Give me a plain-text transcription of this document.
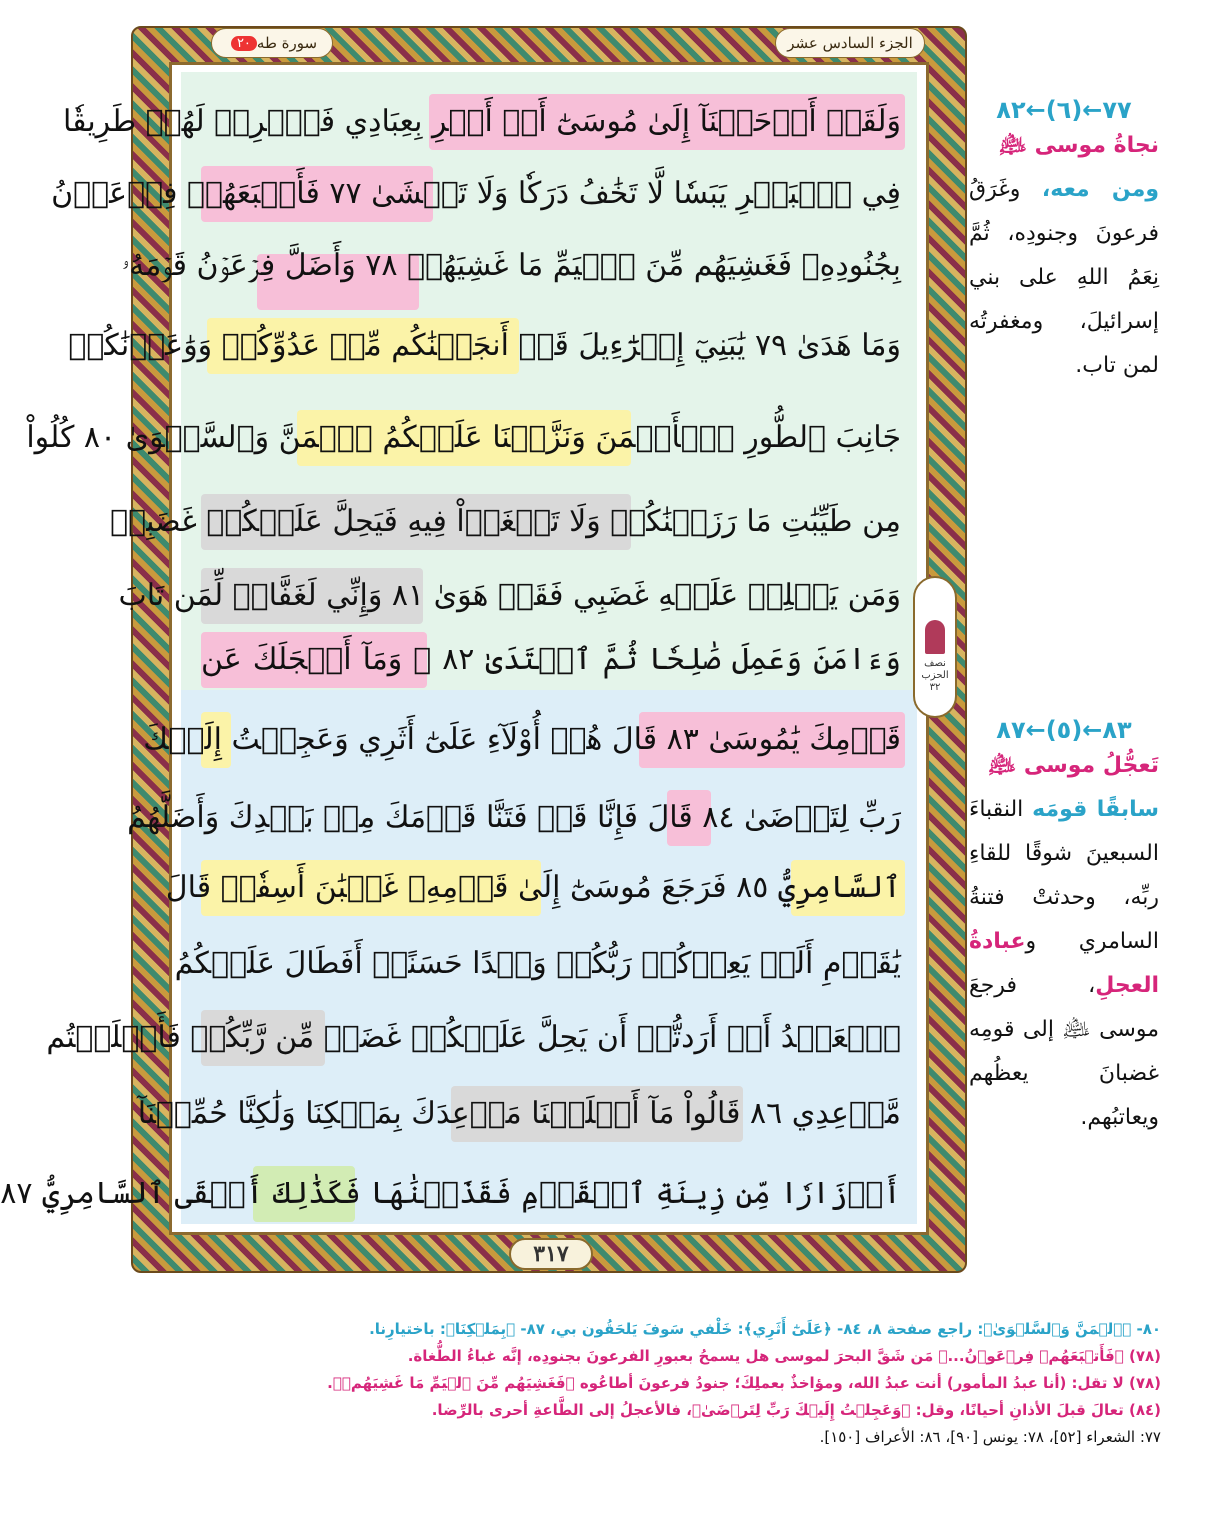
الجزء السادس عشر
سورة طه
٢٠
وَلَقَدۡ أَوۡحَيۡنَآ إِلَىٰ مُوسَىٰٓ أَنۡ أَسۡرِ بِعِبَادِي فَٱضۡرِبۡ لَهُمۡ طَرِيقٗا
فِي ٱلۡبَحۡرِ يَبَسٗا لَّا تَخَٰفُ دَرَكٗا وَلَا تَخۡشَىٰ ٧٧ فَأَتۡبَعَهُمۡ فِرۡعَوۡنُ
بِجُنُودِهِۦ فَغَشِيَهُم مِّنَ ٱلۡيَمِّ مَا غَشِيَهُمۡ ٧٨ وَأَضَلَّ فِرۡعَوۡنُ قَوۡمَهُۥ
وَمَا هَدَىٰ ٧٩ يَٰبَنِيٓ إِسۡرَٰٓءِيلَ قَدۡ أَنجَيۡنَٰكُم مِّنۡ عَدُوِّكُمۡ وَوَٰعَدۡنَٰكُمۡ
جَانِبَ ٱلطُّورِ ٱلۡأَيۡمَنَ وَنَزَّلۡنَا عَلَيۡكُمُ ٱلۡمَنَّ وَٱلسَّلۡوَىٰ ٨٠ كُلُواْ
مِن طَيِّبَٰتِ مَا رَزَقۡنَٰكُمۡ وَلَا تَطۡغَوۡاْ فِيهِ فَيَحِلَّ عَلَيۡكُمۡ غَضَبِيۖ
وَمَن يَحۡلِلۡ عَلَيۡهِ غَضَبِي فَقَدۡ هَوَىٰ ٨١ وَإِنِّي لَغَفَّارٞ لِّمَن تَابَ
وَءَامَنَ وَعَمِلَ صَٰلِحٗا ثُمَّ ٱهۡتَدَىٰ ٨٢ ۞ وَمَآ أَعۡجَلَكَ عَن
قَوۡمِكَ يَٰمُوسَىٰ ٨٣ قَالَ هُمۡ أُوْلَآءِ عَلَىٰٓ أَثَرِي وَعَجِلۡتُ إِلَيۡكَ
رَبِّ لِتَرۡضَىٰ ٨٤ قَالَ فَإِنَّا قَدۡ فَتَنَّا قَوۡمَكَ مِنۢ بَعۡدِكَ وَأَضَلَّهُمُ
ٱلسَّامِرِيُّ ٨٥ فَرَجَعَ مُوسَىٰٓ إِلَىٰ قَوۡمِهِۦ غَضۡبَٰنَ أَسِفٗاۚ قَالَ
يَٰقَوۡمِ أَلَمۡ يَعِدۡكُمۡ رَبُّكُمۡ وَعۡدًا حَسَنًاۚ أَفَطَالَ عَلَيۡكُمُ
ٱلۡعَهۡدُ أَمۡ أَرَدتُّمۡ أَن يَحِلَّ عَلَيۡكُمۡ غَضَبٞ مِّن رَّبِّكُمۡ فَأَخۡلَفۡتُم
مَّوۡعِدِي ٨٦ قَالُواْ مَآ أَخۡلَفۡنَا مَوۡعِدَكَ بِمَلۡكِنَا وَلَٰكِنَّا حُمِّلۡنَآ
أَوۡزَارٗا مِّن زِينَةِ ٱلۡقَوۡمِ فَقَذَفۡنَٰهَا فَكَذَٰلِكَ أَلۡقَى ٱلسَّامِرِيُّ ٨٧
نصف
الحزب
٣٢
٣١٧
٧٧←(٦)←٨٢
نجاةُ موسى ﵇
ومن معه، وغَرَقُ فرعونَ وجنودِه، ثُمَّ نِعَمُ اللهِ على بني إسرائيلَ، ومغفرتُه لمن تاب.
٨٣←(٥)←٨٧
تَعجُّلُ موسى ﵇
سابقًا قومَه النقباءَ السبعينَ شوقًا للقاءِ ربِّه، وحدثتْ فتنةُ السامري وعبادةُ العجلِ، فرجعَ موسى ﵇ إلى قومِه غضبانَ يعظُهم ويعاتبُهم.
٨٠- ﴿ٱلۡمَنَّ وَٱلسَّلۡوَىٰ﴾: راجع صفحة ٨، ٨٤- ﴿عَلَىٰٓ أَثَرِي﴾: خَلْفي سَوفَ يَلحَقُون بي، ٨٧- ﴿بِمَلۡكِنَا﴾: باختيارِنا.
(٧٨) ﴿فَأَتۡبَعَهُمۡ فِرۡعَوۡنُ...﴾ مَن شَقَّ البحرَ لموسى هل يسمحُ بعبورِ الفرعونَ بجنودِه، إنَّه غباءُ الطُّغاة.
(٧٨) لا تقل: (أنا عبدُ المأمور) أنت عبدُ الله، ومؤاخذٌ بعملِكَ؛ جنودُ فرعونَ أطاعُوه ﴿فَغَشِيَهُم مِّنَ ٱلۡيَمِّ مَا غَشِيَهُمۡ﴾.
(٨٤) تعالَ قبلَ الأذانِ أحيانًا، وقل: ﴿وَعَجِلۡتُ إِلَيۡكَ رَبِّ لِتَرۡضَىٰ﴾، فالأعجلُ إلى الطَّاعةِ أحرى بالرِّضا.
٧٧: الشعراء [٥٢]، ٧٨: يونس [٩٠]، ٨٦: الأعراف [١٥٠].
